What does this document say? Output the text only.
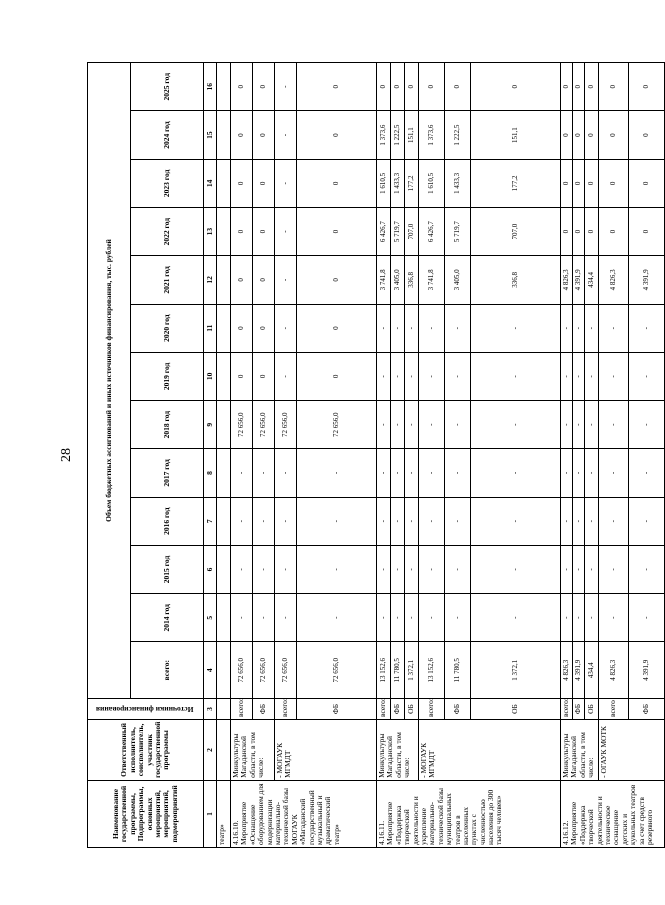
28
Наименование государственной программы, Подпрограммы, основных мероприятий, мероприятий, подмероприятий	Ответственный исполнитель, соисполнитель, участник государственной программы	Источники финансирования	Объем бюджетных ассигнований и иных источников финансирования, тыс. рублей												
			всего:	2014 год	2015 год	2016 год	2017 год	2018 год	2019 год	2020 год	2021 год	2022 год	2023 год	2024 год	2025 год
1	2	3	4	5	6	7	8	9	10	11	12	13	14	15	16
театр»															
4.16.10. Мероприятие «Оснащение оборудованием для модернизации материально-технической базы МОГАУК «Магаданский государственный музыкальный и драматический театр»	Минкультуры Магаданской области, в том числе:	всего:	72 656,0	-	-	-	-	72 656,0	0	0	0	0	0	0	0
		ФБ	72 656,0	-	-	-	-	72 656,0	0	0	0	0	0	0	0
	- МОГАУК МГМДТ	всего:	72 656,0	-	-	-	-	72 656,0	-	-	-	-	-	-	-
		ФБ	72 656,0	-	-	-	-	72 656,0	0	0	0	0	0	0	0
4.16.11. Мероприятие «Поддержка творческой деятельности и укрепление материально-технической базы муниципальных театров в населенных пунктах с численностью населения до 300 тысяч человек»	Минкультуры Магаданской области, в том числе:	всего:	13 152,6	-	-	-	-	-	-	-	3 741,8	6 426,7	1 610,5	1 373,6	0
		ФБ	11 780,5	-	-	-	-	-	-	-	3 405,0	5 719,7	1 433,3	1 222,5	0
		ОБ	1 372,1	-	-	-	-	-	-	-	336,8	707,0	177,2	151,1	0
	- МОГАУК МГМДТ	всего:	13 152,6	-	-	-	-	-	-	-	3 741,8	6 426,7	1 610,5	1 373,6	0
		ФБ	11 780,5	-	-	-	-	-	-	-	3 405,0	5 719,7	1 433,3	1 222,5	0
		ОБ	1 372,1	-	-	-	-	-	-	-	336,8	707,0	177,2	151,1	0
4.16.12. Мероприятие «Поддержка творческой деятельности и техническое оснащение детских и кукольных театров за счет средств резервного	Минкультуры Магаданской области, в том числе:	всего:	4 826,3	-	-	-	-	-	-	-	4 826,3	0	0	0	0
		ФБ	4 391,9	-	-	-	-	-	-	-	4 391,9	0	0	0	0
		ОБ	434,4	-	-	-	-	-	-	-	434,4	0	0	0	0
	- ОГАУК МОТК	всего	4 826,3	-	-	-	-	-	-	-	4 826,3	0	0	0	0
		ФБ	4 391,9	-	-	-	-	-	-	-	4 391,9	0	0	0	0
